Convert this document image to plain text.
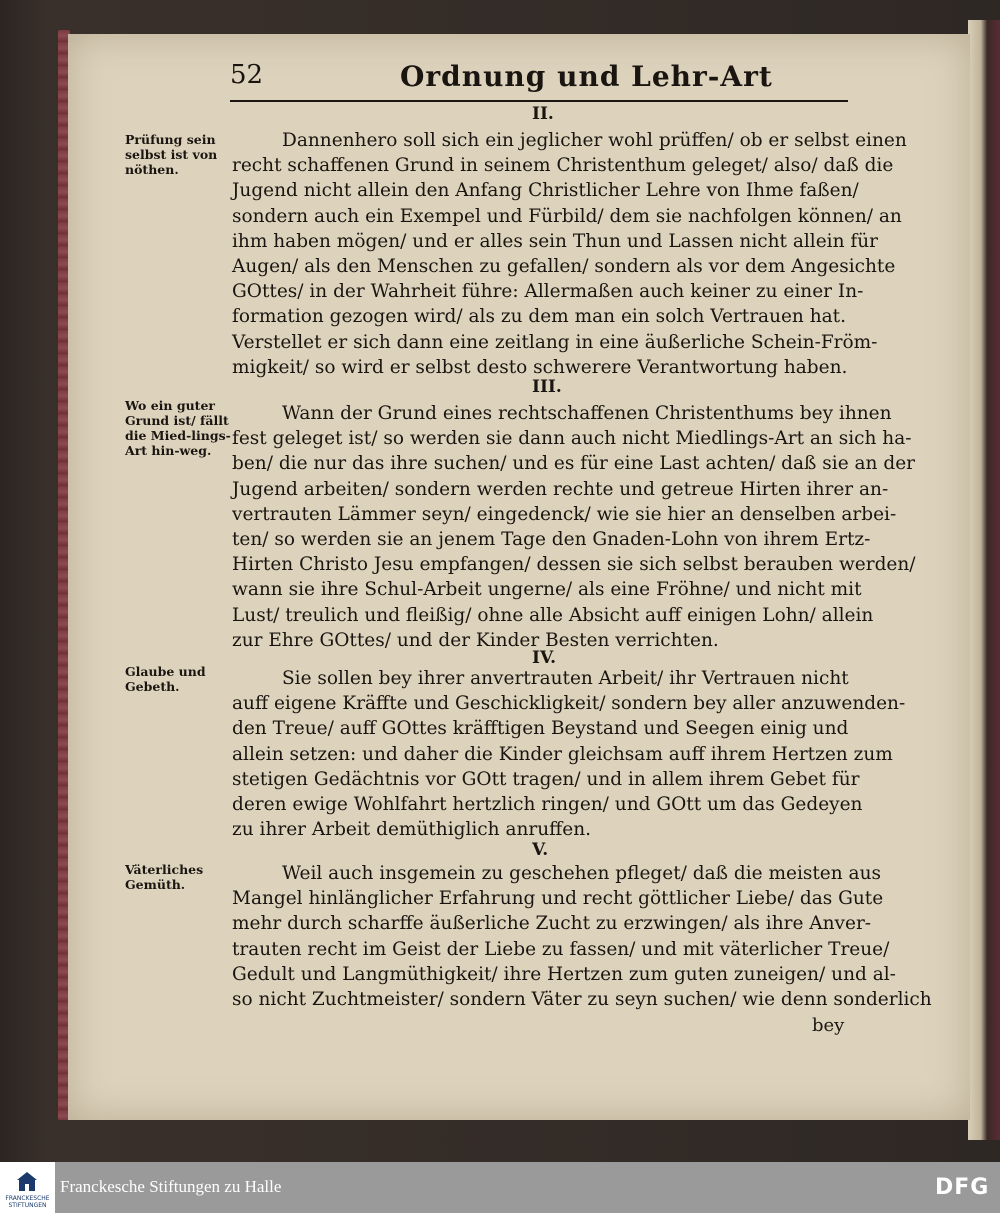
52	Ordnung und Lehr-Art
II.
Prüfung sein selbst ist von nöthen.
Dannenhero soll sich ein jeglicher wohl prüffen/ ob er selbst einen
recht schaffenen Grund in seinem Christenthum geleget/ also/ daß die
Jugend nicht allein den Anfang Christlicher Lehre von Ihme faßen/
sondern auch ein Exempel und Fürbild/ dem sie nachfolgen können/ an
ihm haben mögen/ und er alles sein Thun und Lassen nicht allein für
Augen/ als den Menschen zu gefallen/ sondern als vor dem Angesichte
GOttes/ in der Wahrheit führe: Allermaßen auch keiner zu einer In-
formation gezogen wird/ als zu dem man ein solch Vertrauen hat.
Verstellet er sich dann eine zeitlang in eine äußerliche Schein-Fröm-
migkeit/ so wird er selbst desto schwerere Verantwortung haben.
III.
Wo ein guter Grund ist/ fällt die Mied-lings-Art hin-weg.
Wann der Grund eines rechtschaffenen Christenthums bey ihnen
fest geleget ist/ so werden sie dann auch nicht Miedlings-Art an sich ha-
ben/ die nur das ihre suchen/ und es für eine Last achten/ daß sie an der
Jugend arbeiten/ sondern werden rechte und getreue Hirten ihrer an-
vertrauten Lämmer seyn/ eingedenck/ wie sie hier an denselben arbei-
ten/ so werden sie an jenem Tage den Gnaden-Lohn von ihrem Ertz-
Hirten Christo Jesu empfangen/ dessen sie sich selbst berauben werden/
wann sie ihre Schul-Arbeit ungerne/ als eine Fröhne/ und nicht mit
Lust/ treulich und fleißig/ ohne alle Absicht auff einigen Lohn/ allein
zur Ehre GOttes/ und der Kinder Besten verrichten.
IV.
Glaube und Gebeth.	Sie sollen bey ihrer anvertrauten Arbeit/ ihr Vertrauen nicht
auff eigene Kräffte und Geschickligkeit/ sondern bey aller anzuwenden-
den Treue/ auff GOttes kräfftigen Beystand und Seegen einig und
allein setzen: und daher die Kinder gleichsam auff ihrem Hertzen zum
stetigen Gedächtnis vor GOtt tragen/ und in allem ihrem Gebet für
deren ewige Wohlfahrt hertzlich ringen/ und GOtt um das Gedeyen
zu ihrer Arbeit demüthiglich anruffen.
V.
Väterliches Gemüth.
Weil auch insgemein zu geschehen pfleget/ daß die meisten aus
Mangel hinlänglicher Erfahrung und recht göttlicher Liebe/ das Gute
mehr durch scharffe äußerliche Zucht zu erzwingen/ als ihre Anver-
trauten recht im Geist der Liebe zu fassen/ und mit väterlicher Treue/
Gedult und Langmüthigkeit/ ihre Hertzen zum guten zuneigen/ und al-
so nicht Zuchtmeister/ sondern Väter zu seyn suchen/ wie denn sonderlich
bey
FRANCKESCHE STIFTUNGEN
Franckesche Stiftungen zu Halle	DFG
